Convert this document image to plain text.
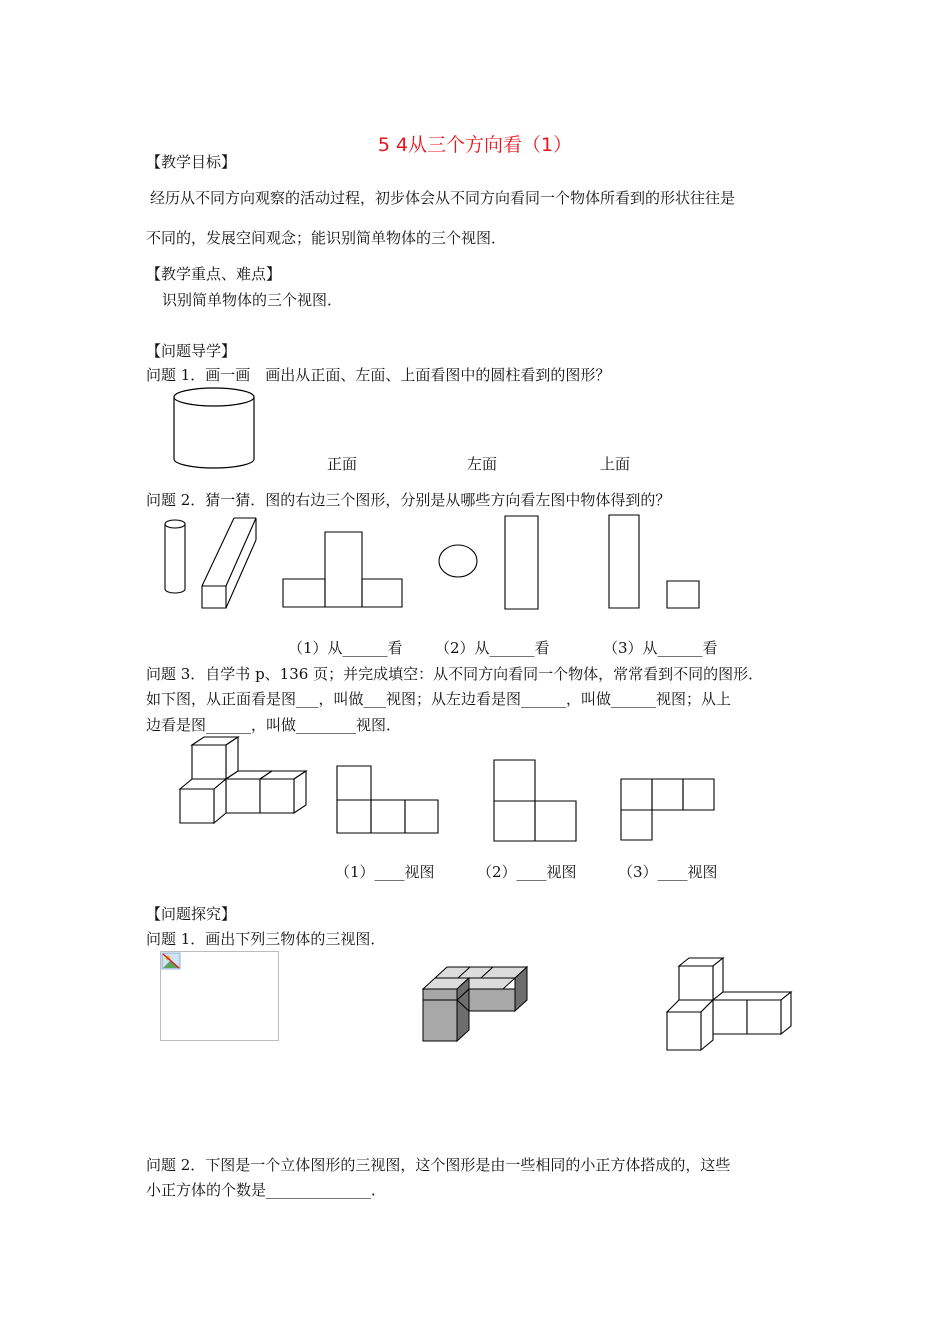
5 4从三个方向看（1）
【教学目标】
经历从不同方向观察的活动过程，初步体会从不同方向看同一个物体所看到的形状往往是
不同的，发展空间观念；能识别简单物体的三个视图．
【教学重点、难点】
识别简单物体的三个视图．
【问题导学】
问题 1．画一画　画出从正面、左面、上面看图中的圆柱看到的图形？
正面	左面	上面
问题 2．猜一猜．图的右边三个图形，分别是从哪些方向看左图中物体得到的？
（1）从______看 （2）从______看	（3）从______看
问题 3．自学书 p、136 页；并完成填空：从不同方向看同一个物体，常常看到不同的图形．
如下图，从正面看是图___，叫做___视图；从左边看是图______，叫做______视图；从上
边看是图______，叫做________视图．
（1）____视图	（2）____视图	（3）____视图
【问题探究】
问题 1．画出下列三物体的三视图．
问题 2．下图是一个立体图形的三视图，这个图形是由一些相同的小正方体搭成的，这些
小正方体的个数是______________．
